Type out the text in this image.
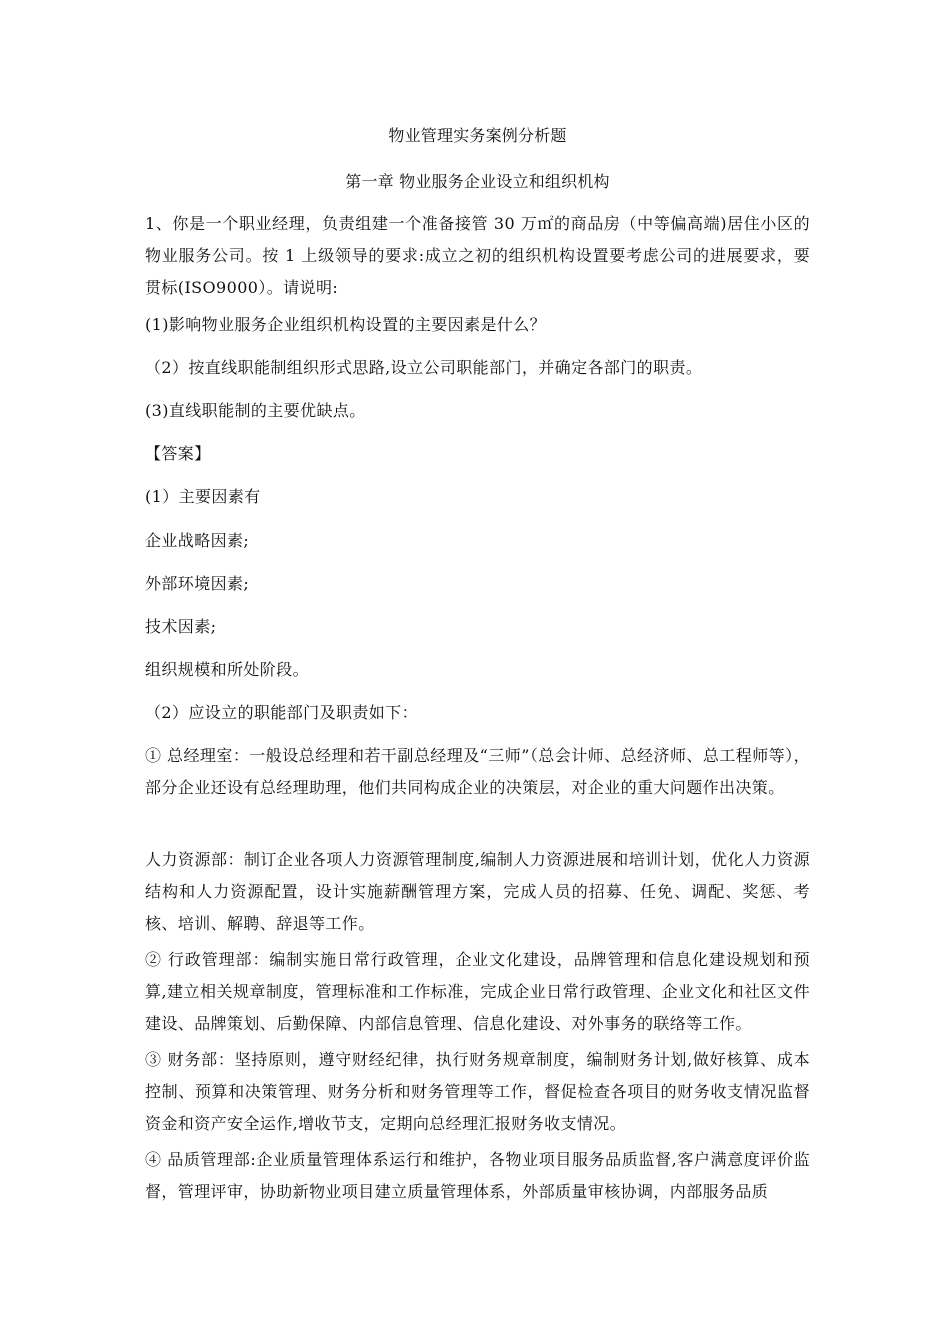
物业管理实务案例分析题
第一章 物业服务企业设立和组织机构
1、你是一个职业经理，负责组建一个准备接管 30 万㎡的商品房（中等偏高端)居住小区的物业服务公司。按 1 上级领导的要求:成立之初的组织机构设置要考虑公司的进展要求，要贯标(ISO9000）。请说明:
(1)影响物业服务企业组织机构设置的主要因素是什么？
（2）按直线职能制组织形式思路,设立公司职能部门，并确定各部门的职责。
(3)直线职能制的主要优缺点。
【答案】
(1）主要因素有
企业战略因素;
外部环境因素;
技术因素;
组织规模和所处阶段。
（2）应设立的职能部门及职责如下：
① 总经理室：一般设总经理和若干副总经理及“三师”（总会计师、总经济师、总工程师等），部分企业还设有总经理助理，他们共同构成企业的决策层，对企业的重大问题作出决策。
人力资源部：制订企业各项人力资源管理制度,编制人力资源进展和培训计划，优化人力资源结构和人力资源配置，设计实施薪酬管理方案，完成人员的招募、任免、调配、奖惩、考核、培训、解聘、辞退等工作。
② 行政管理部：编制实施日常行政管理，企业文化建设，品牌管理和信息化建设规划和预算,建立相关规章制度，管理标准和工作标准，完成企业日常行政管理、企业文化和社区文件建设、品牌策划、后勤保障、内部信息管理、信息化建设、对外事务的联络等工作。
③ 财务部：坚持原则，遵守财经纪律，执行财务规章制度，编制财务计划,做好核算、成本控制、预算和决策管理、财务分析和财务管理等工作，督促检查各项目的财务收支情况监督资金和资产安全运作,增收节支，定期向总经理汇报财务收支情况。
④ 品质管理部:企业质量管理体系运行和维护，各物业项目服务品质监督,客户满意度评价监督，管理评审，协助新物业项目建立质量管理体系，外部质量审核协调，内部服务品质
